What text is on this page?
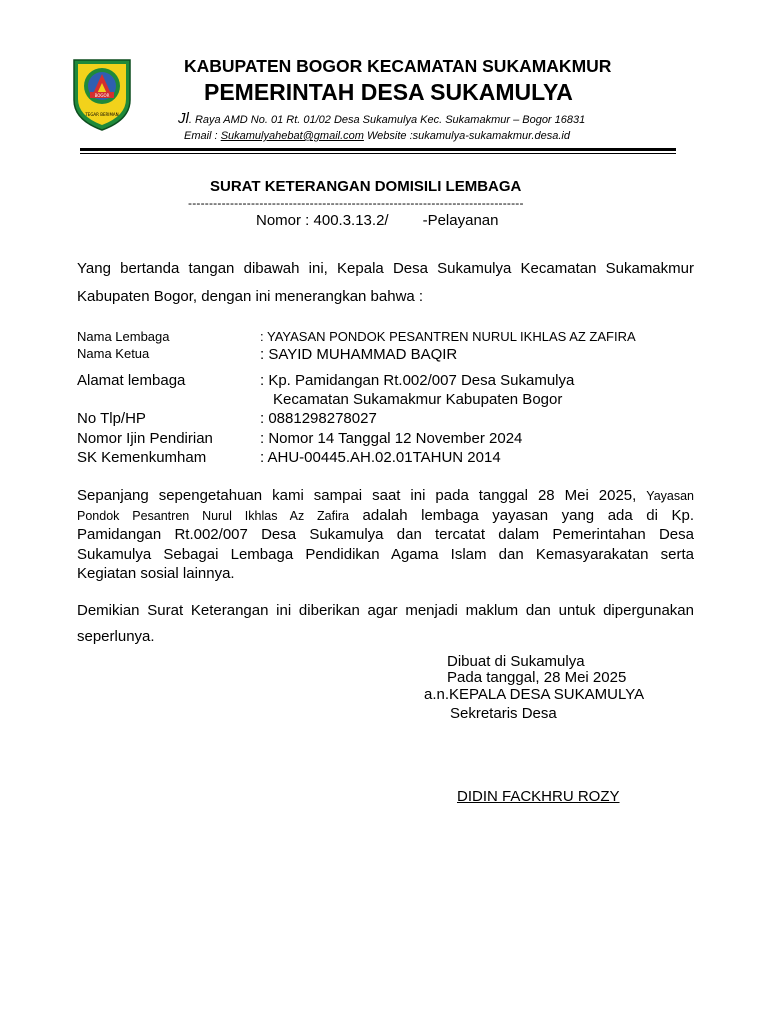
BOGOR
TEGAR BERIMAN
KABUPATEN BOGOR KECAMATAN SUKAMAKMUR
PEMERINTAH DESA SUKAMULYA
Jl. Raya AMD No. 01 Rt. 01/02 Desa Sukamulya Kec. Sukamakmur – Bogor 16831
Email : Sukamulyahebat@gmail.com Website :sukamulya-sukamakmur.desa.id
SURAT KETERANGAN DOMISILI LEMBAGA
--------------------------------------------------------------------------------
Nomor : 400.3.13.2/ -Pelayanan
Yang bertanda tangan dibawah ini, Kepala Desa Sukamulya Kecamatan Sukamakmur
Kabupaten Bogor, dengan ini menerangkan bahwa :
Nama Lembaga	: YAYASAN PONDOK PESANTREN NURUL IKHLAS AZ ZAFIRA
Nama Ketua	: SAYID MUHAMMAD BAQIR
Alamat lembaga	: Kp. Pamidangan Rt.002/007 Desa Sukamulya
Kecamatan Sukamakmur Kabupaten Bogor
No Tlp/HP	: 0881298278027
Nomor Ijin Pendirian	: Nomor 14 Tanggal 12 November 2024
SK Kemenkumham	: AHU-00445.AH.02.01TAHUN 2014
Sepanjang sepengetahuan kami sampai saat ini pada tanggal 28 Mei 2025, Yayasan
Pondok Pesantren Nurul Ikhlas Az Zafira adalah lembaga yayasan yang ada di Kp.
Pamidangan Rt.002/007 Desa Sukamulya dan tercatat dalam Pemerintahan Desa
Sukamulya Sebagai Lembaga Pendidikan Agama Islam dan Kemasyarakatan serta
Kegiatan sosial lainnya.
Demikian Surat Keterangan ini diberikan agar menjadi maklum dan untuk dipergunakan
seperlunya.
Dibuat di Sukamulya
Pada tanggal, 28 Mei 2025
a.n.KEPALA DESA SUKAMULYA
Sekretaris Desa
DIDIN FACKHRU ROZY
